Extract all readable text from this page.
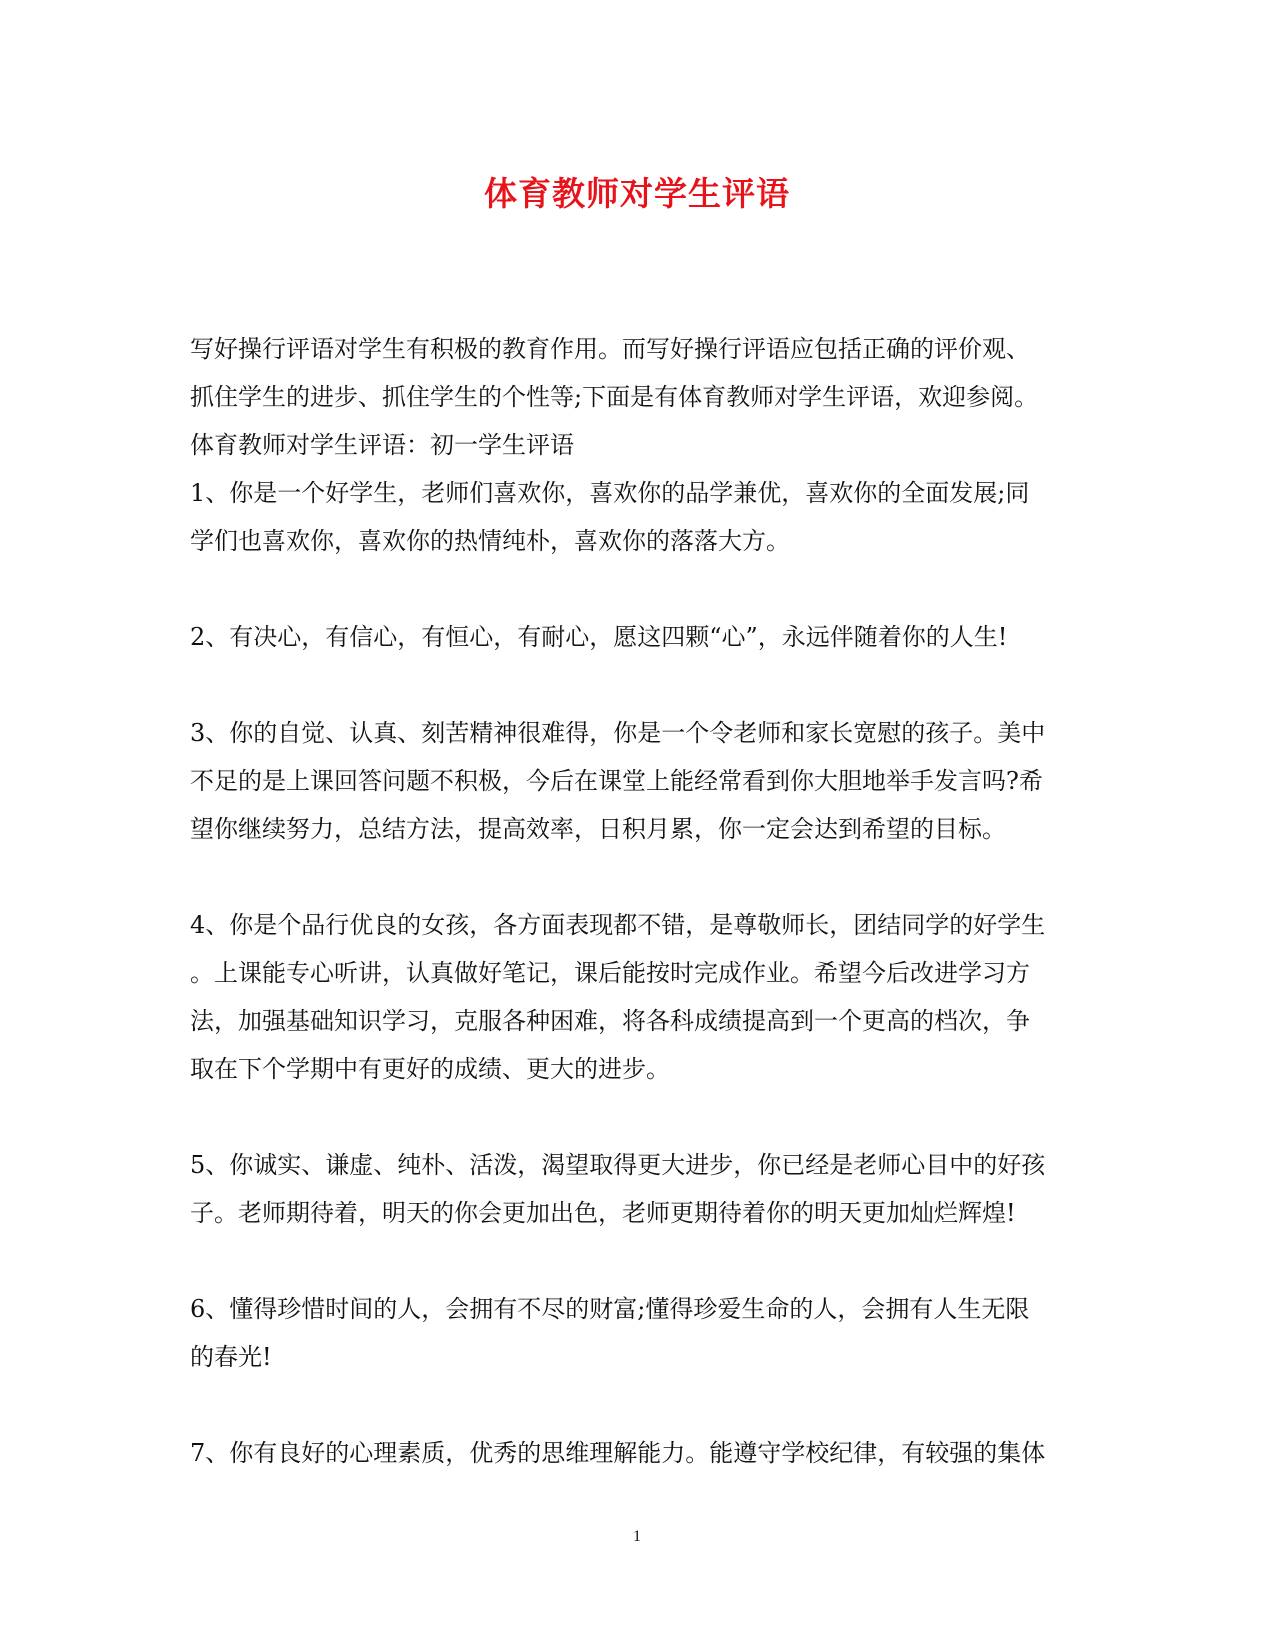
体育教师对学生评语
写好操行评语对学生有积极的教育作用。而写好操行评语应包括正确的评价观、
抓住学生的进步、抓住学生的个性等;下面是有体育教师对学生评语，欢迎参阅。
体育教师对学生评语：初一学生评语
1、你是一个好学生，老师们喜欢你，喜欢你的品学兼优，喜欢你的全面发展;同
学们也喜欢你，喜欢你的热情纯朴，喜欢你的落落大方。
2、有决心，有信心，有恒心，有耐心，愿这四颗“心”，永远伴随着你的人生!
3、你的自觉、认真、刻苦精神很难得，你是一个令老师和家长宽慰的孩子。美中
不足的是上课回答问题不积极，今后在课堂上能经常看到你大胆地举手发言吗?希
望你继续努力，总结方法，提高效率，日积月累，你一定会达到希望的目标。
4、你是个品行优良的女孩，各方面表现都不错，是尊敬师长，团结同学的好学生
。上课能专心听讲，认真做好笔记，课后能按时完成作业。希望今后改进学习方
法，加强基础知识学习，克服各种困难，将各科成绩提高到一个更高的档次，争
取在下个学期中有更好的成绩、更大的进步。
5、你诚实、谦虚、纯朴、活泼，渴望取得更大进步，你已经是老师心目中的好孩
子。老师期待着，明天的你会更加出色，老师更期待着你的明天更加灿烂辉煌!
6、懂得珍惜时间的人，会拥有不尽的财富;懂得珍爱生命的人，会拥有人生无限
的春光!
7、你有良好的心理素质，优秀的思维理解能力。能遵守学校纪律，有较强的集体
1
